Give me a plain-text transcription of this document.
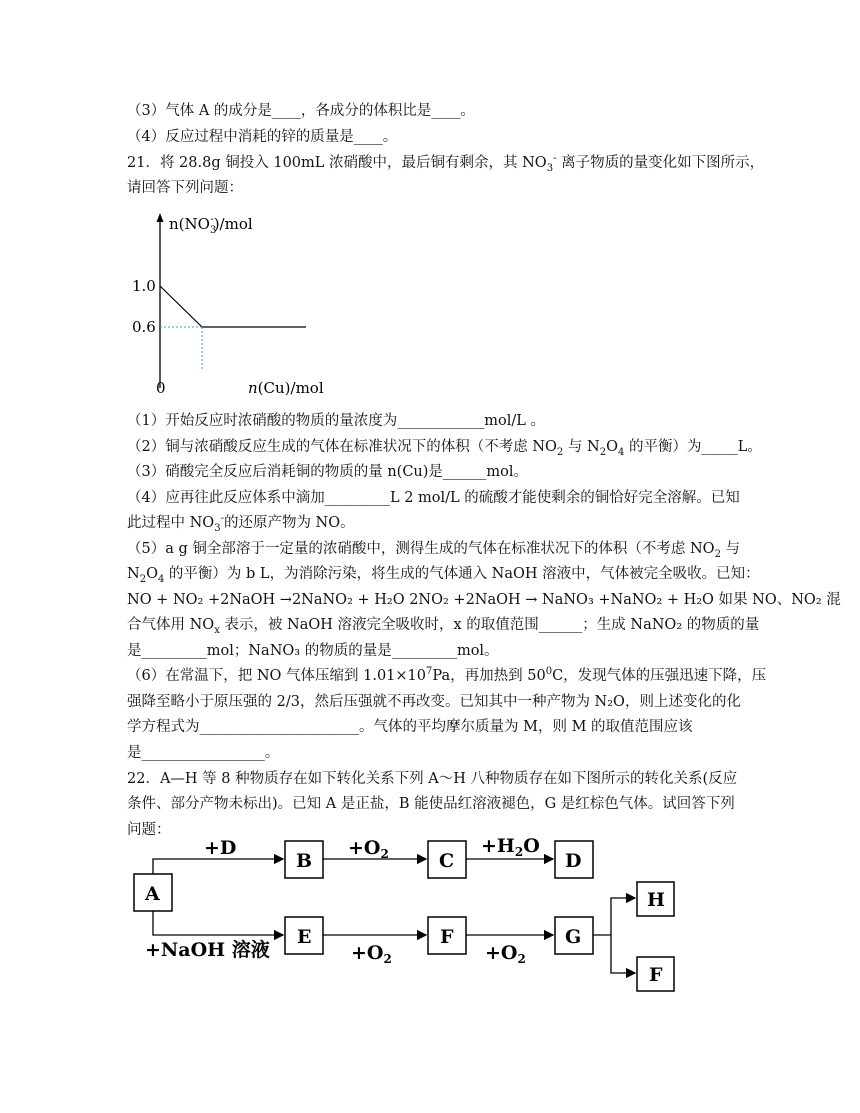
（3）气体 A 的成分是____，各成分的体积比是____。
（4）反应过程中消耗的锌的质量是____。
21．将 28.8g 铜投入 100mL 浓硝酸中，最后铜有剩余，其 $NO_3^-$ 离子物质的量变化如下图所示，
请回答下列问题：
$n(NO_3-)$/mol
1.0
0.6
0	n(Cu)/mol
（1）开始反应时浓硝酸的物质的量浓度为____________mol/L 。
（2）铜与浓硝酸反应生成的气体在标准状况下的体积（不考虑 $NO_2$ 与 $N_2O_4$ 的平衡）为_____L。
（3）硝酸完全反应后消耗铜的物质的量 n(Cu)是______mol。
（4）应再往此反应体系中滴加_________L 2 mol/L 的硫酸才能使剩余的铜恰好完全溶解。已知
此过程中 $NO_3^-$的还原产物为 NO。
（5）a g 铜全部溶于一定量的浓硝酸中，测得生成的气体在标准状况下的体积（不考虑 $NO_2$ 与
$N_2O_4$ 的平衡）为 b L，为消除污染，将生成的气体通入 NaOH 溶液中，气体被完全吸收。已知：
NO + NO₂ +2NaOH →2NaNO₂ + H₂O 2NO₂ +2NaOH → NaNO₃ +NaNO₂ + H₂O 如果 NO、NO₂ 混
合气体用 $NO_x$ 表示，被 NaOH 溶液完全吸收时，x 的取值范围______；生成 NaNO₂ 的物质的量
是_________mol；NaNO₃ 的物质的量是_________mol。
（6）在常温下，把 NO 气体压缩到 $1.01\times 10^7Pa$，再加热到 $50^0C$，发现气体的压强迅速下降，压
强降至略小于原压强的 2/3，然后压强就不再改变。已知其中一种产物为 N₂O，则上述变化的化
学方程式为______________________。气体的平均摩尔质量为 M，则 M 的取值范围应该
是_________________。
22．A—H 等 8 种物质存在如下转化关系下列 A～H 八种物质存在如下图所示的转化关系(反应
条件、部分产物未标出)。已知 A 是正盐，B 能使品红溶液褪色，G 是红棕色气体。试回答下列
问题：
A
B	C	D
E	F	G
H
F
+D	$+O_2$	$+H_2O$
+NaOH 溶液	$+O_2$	$+O_2$
